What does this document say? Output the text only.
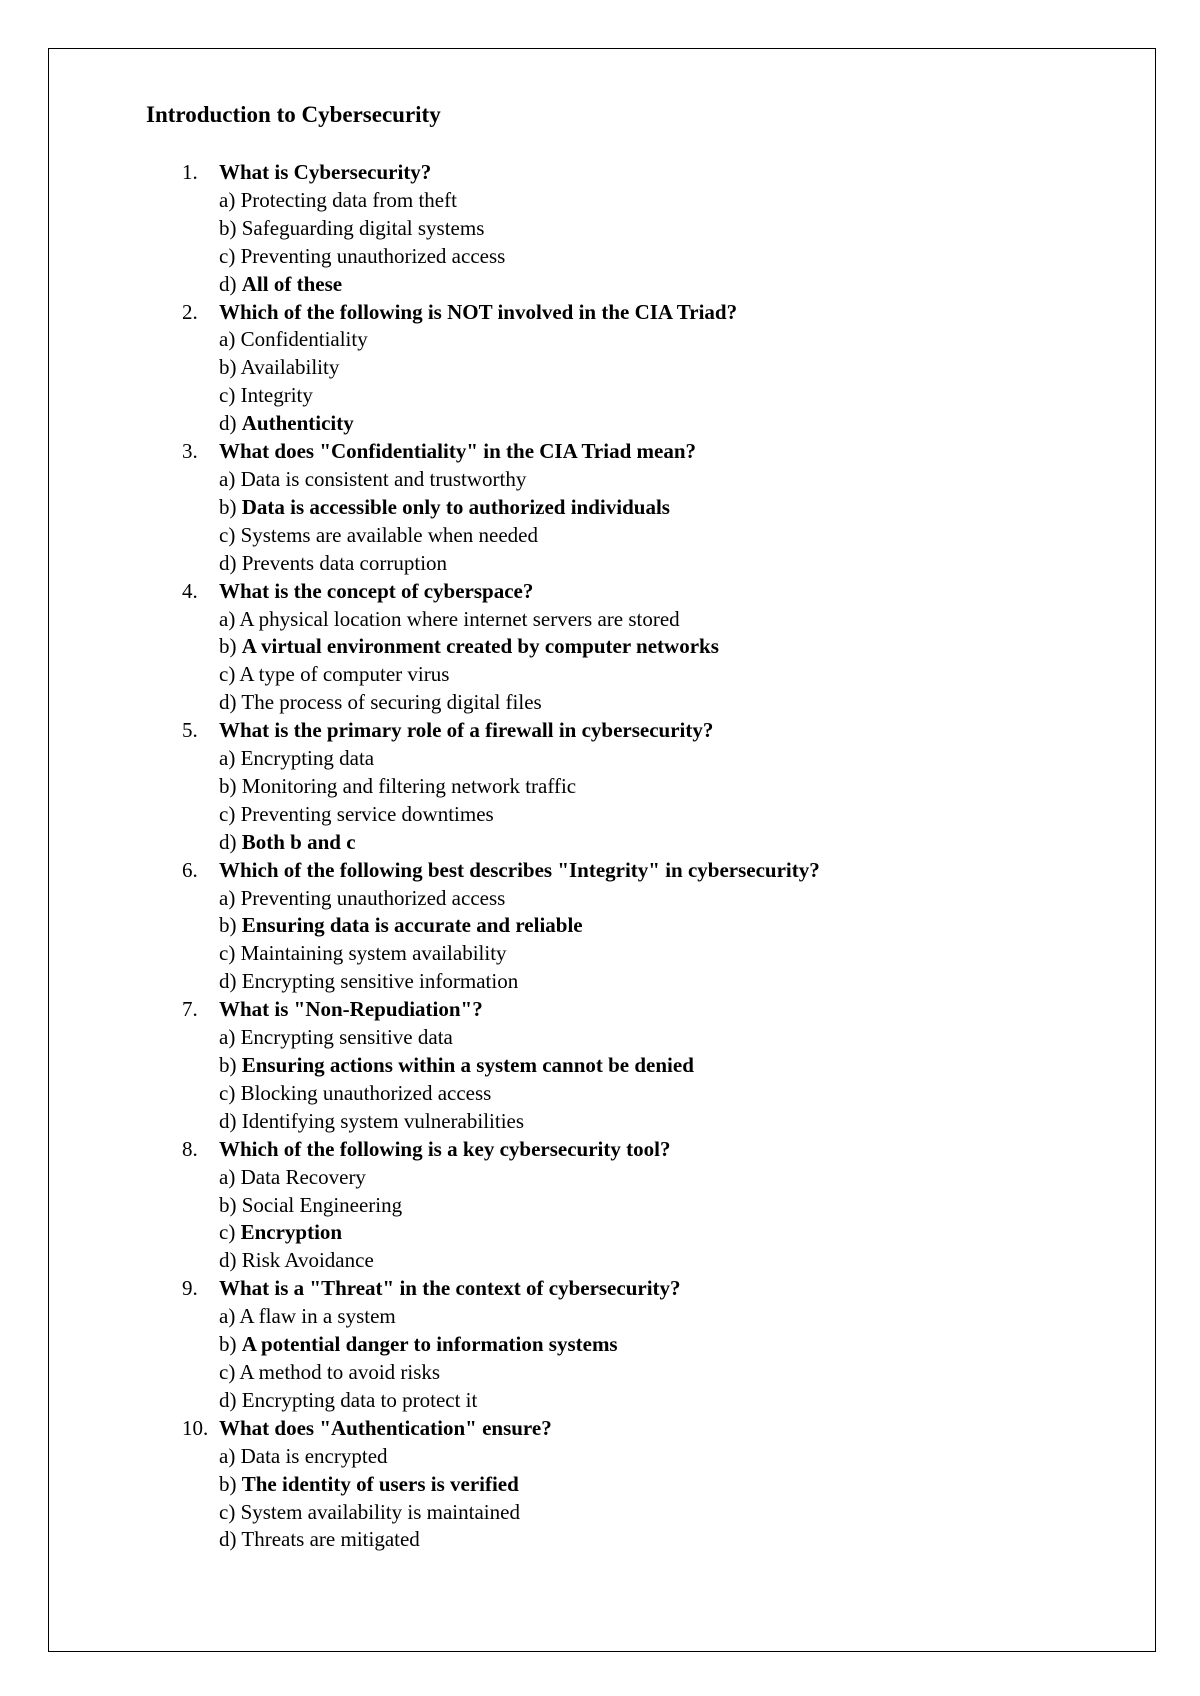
Introduction to Cybersecurity
1. What is Cybersecurity?
a) Protecting data from theft
b) Safeguarding digital systems
c) Preventing unauthorized access
d) All of these
2. Which of the following is NOT involved in the CIA Triad?
a) Confidentiality
b) Availability
c) Integrity
d) Authenticity
3. What does "Confidentiality" in the CIA Triad mean?
a) Data is consistent and trustworthy
b) Data is accessible only to authorized individuals
c) Systems are available when needed
d) Prevents data corruption
4. What is the concept of cyberspace?
a) A physical location where internet servers are stored
b) A virtual environment created by computer networks
c) A type of computer virus
d) The process of securing digital files
5. What is the primary role of a firewall in cybersecurity?
a) Encrypting data
b) Monitoring and filtering network traffic
c) Preventing service downtimes
d) Both b and c
6. Which of the following best describes "Integrity" in cybersecurity?
a) Preventing unauthorized access
b) Ensuring data is accurate and reliable
c) Maintaining system availability
d) Encrypting sensitive information
7. What is "Non-Repudiation"?
a) Encrypting sensitive data
b) Ensuring actions within a system cannot be denied
c) Blocking unauthorized access
d) Identifying system vulnerabilities
8. Which of the following is a key cybersecurity tool?
a) Data Recovery
b) Social Engineering
c) Encryption
d) Risk Avoidance
9. What is a "Threat" in the context of cybersecurity?
a) A flaw in a system
b) A potential danger to information systems
c) A method to avoid risks
d) Encrypting data to protect it
10. What does "Authentication" ensure?
a) Data is encrypted
b) The identity of users is verified
c) System availability is maintained
d) Threats are mitigated
